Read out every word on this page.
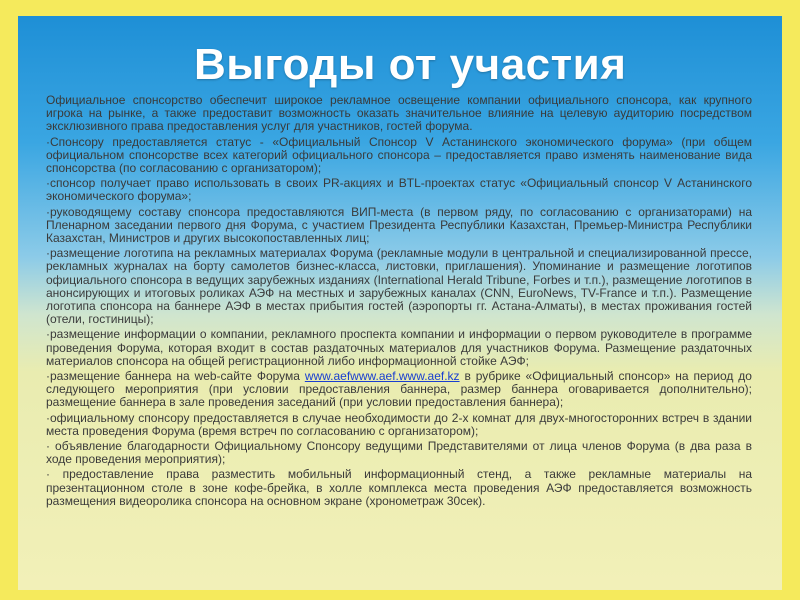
Выгоды от участия

Официальное спонсорство обеспечит широкое рекламное освещение компании официального спонсора, как крупного игрока на рынке, а также предоставит возможность оказать значительное влияние на целевую аудиторию посредством эксклюзивного права предоставления услуг для участников, гостей форума.

·Спонсору предоставляется статус - «Официальный Спонсор V Астанинского экономического форума» (при общем официальном спонсорстве всех категорий официального спонсора – предоставляется право изменять наименование вида спонсорства (по согласованию с организатором);

·спонсор получает право использовать в своих PR-акциях и BTL-проектах статус «Официальный спонсор V Астанинского экономического форума»;

·руководящему составу спонсора предоставляются ВИП-места (в первом ряду, по согласованию с организаторами) на Пленарном заседании первого дня Форума, с участием Президента Республики Казахстан, Премьер-Министра Республики Казахстан, Министров и других высокопоставленных лиц;

·размещение логотипа на рекламных материалах Форума (рекламные модули в центральной и специализированной прессе, рекламных журналах на борту самолетов бизнес-класса, листовки, приглашения). Упоминание и размещение логотипов официального спонсора в ведущих зарубежных изданиях (International Herald Tribune, Forbes и т.п.), размещение логотипов в анонсирующих и итоговых роликах АЭФ на местных и зарубежных каналах (CNN, EuroNews, TV-France и т.п.). Размещение логотипа спонсора на баннере АЭФ в местах прибытия гостей (аэропорты гг. Астана-Алматы), в местах проживания гостей (отели, гостиницы);

·размещение информации о компании, рекламного проспекта компании и информации о первом руководителе в программе проведения Форума, которая входит в состав раздаточных материалов для участников Форума. Размещение раздаточных материалов спонсора на общей регистрационной либо информационной стойке АЭФ;

·размещение баннера на web-сайте Форума www.aefwww.aef.www.aef.kz в рубрике «Официальный спонсор» на период до следующего мероприятия (при условии предоставления баннера, размер баннера оговаривается дополнительно); размещение баннера в зале проведения заседаний (при условии предоставления баннера);

·официальному спонсору предоставляется в случае необходимости до 2-х комнат для двух-многосторонних встреч в здании места проведения Форума (время встреч по согласованию с организатором);

· объявление благодарности Официальному Спонсору ведущими Представителями от лица членов Форума (в два раза в ходе проведения мероприятия);

· предоставление права разместить мобильный информационный стенд, а также рекламные материалы на презентационном столе в зоне кофе-брейка, в холле комплекса места проведения АЭФ предоставляется возможность размещения видеоролика спонсора на основном экране (хронометраж 30сек).
